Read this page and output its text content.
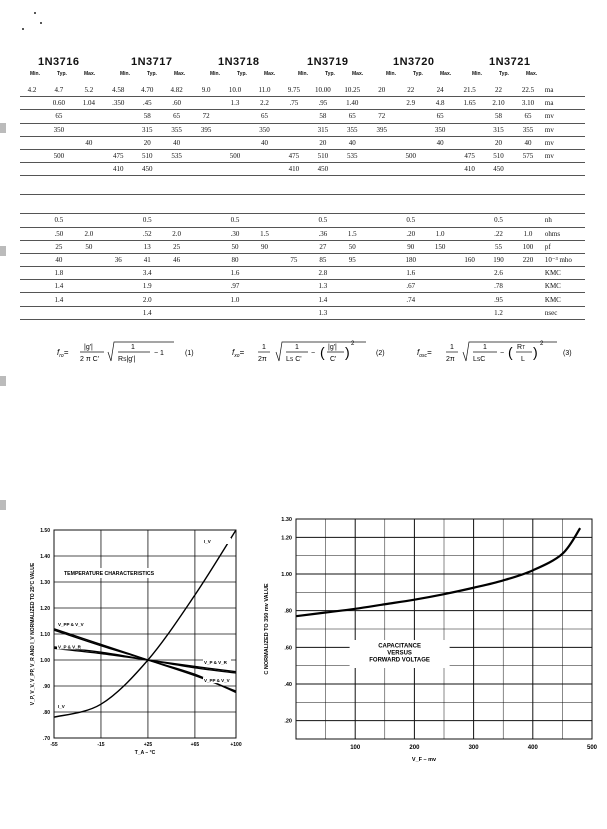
1N3716	1N3717	1N3718	1N3719	1N3720	1N3721
Min.	Typ.	Max.	Min.	Typ.	Max.	Min.	Typ.	Max.	Min.	Typ.	Max.	Min.	Typ.	Max.	Min.	Typ.	Max.
4.2	4.7	5.2	4.58	4.70	4.82	9.0	10.0	11.0	9.75	10.00	10.25	20	22	24	21.5	22	22.5	ma
	0.60	1.04	.350	.45	.60		1.3	2.2	.75	.95	1.40		2.9	4.8	1.65	2.10	3.10	ma
	65			58	65	72		65		58	65	72		65		58	65	mv
	350			315	355	395		350		315	355	395		350		315	355	mv
		40		20	40			40		20	40			40		20	40	mv
	500		475	510	535		500		475	510	535		500		475	510	575	mv
			410	450					410	450					410	450		

	0.5			0.5			0.5			0.5			0.5			0.5		nh
	.50	2.0		.52	2.0		.30	1.5		.36	1.5		.20	1.0		.22	1.0	ohms
	25	50		13	25		50	90		27	50		90	150		55	100	pf
	40		36	41	46		80		75	85	95		180		160	190	220	10⁻³ mho
	1.8			3.4			1.6			2.8			1.6			2.6		KMC
	1.4			1.9			.97			1.3			.67			.78		KMC
	1.4			2.0			1.0			1.4			.74			.95		KMC
				1.4						1.3						1.2		nsec
$f_{ro}=$
|g'|
2 π C'
1
RS|g'|
− 1	(1)	$f_{xo}=$
1
2π
1
LS C'
− ( |g'|
C' ) 2
(2)	$f_{osc}=$
1
2π
1
LSC
− ( RT
L ) 2
(3)
.70
.80
.90
1.00
1.10
1.20
1.30
1.40
1.50
-55	-15	+25	+65	+100
T_A – °C
V_P, V_V, V_PP, V_R AND I_V NORMALIZED TO 25°C VALUE	TEMPERATURE CHARACTERISTICS
I_V
V_PP & V_V
V_P & V_R
V_P & V_R
V_PP & V_V
I_V
.20
.40
.60
.80
1.00
1.20
1.30
100	200	300	400	500
V_F – mv
C NORMALIZED TO 350 mv VALUE	CAPACITANCE
VERSUS
FORWARD VOLTAGE
